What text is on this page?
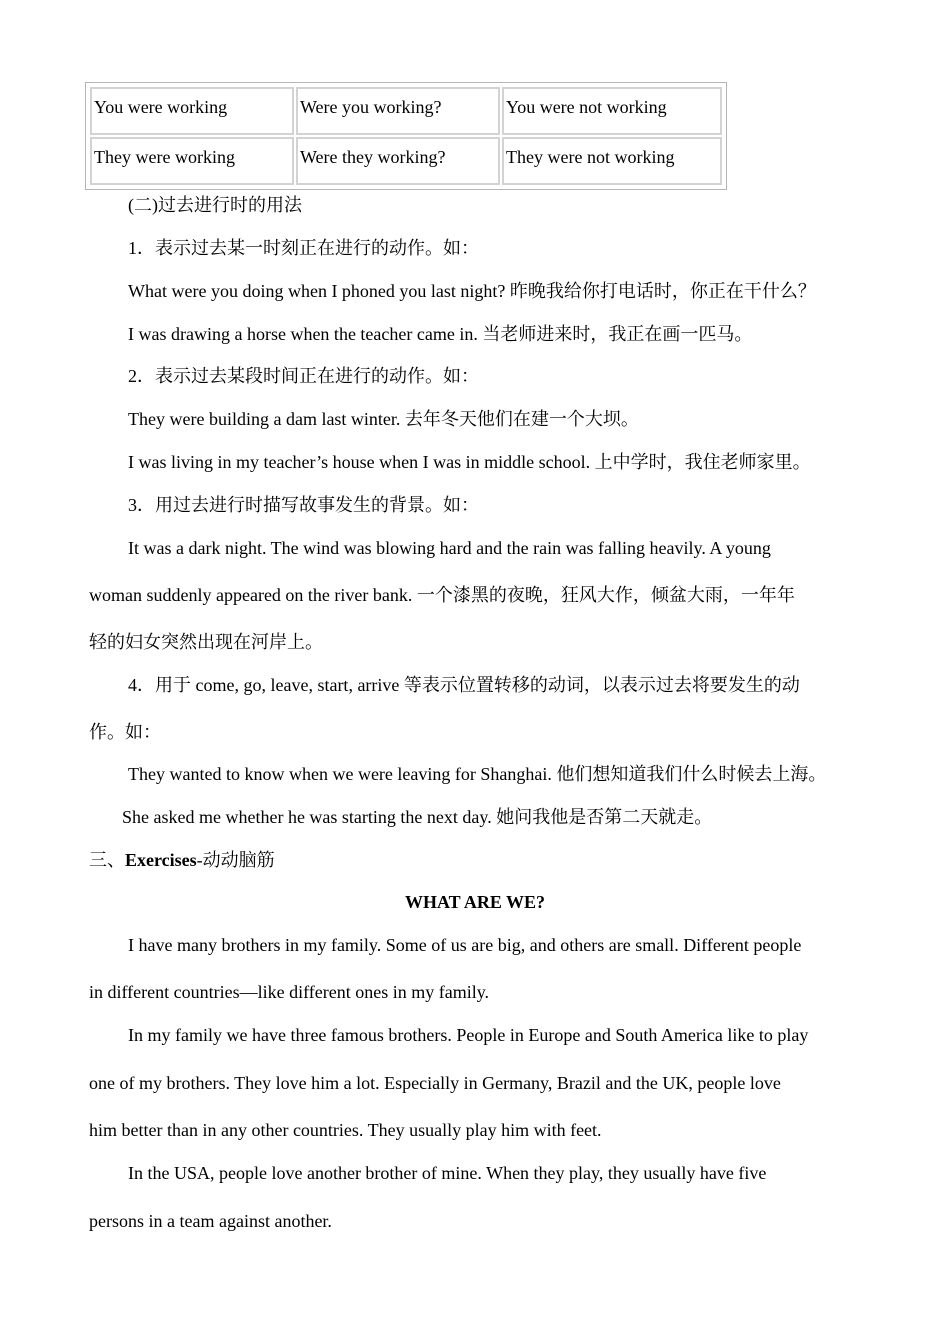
You were working	Were you working?	You were not working
They were working	Were they working?	They were not working
(二)过去进行时的用法
1．表示过去某一时刻正在进行的动作。如：
What were you doing when I phoned you last night? 昨晚我给你打电话时，你正在干什么？
I was drawing a horse when the teacher came in. 当老师进来时，我正在画一匹马。
2．表示过去某段时间正在进行的动作。如：
They were building a dam last winter. 去年冬天他们在建一个大坝。
I was living in my teacher’s house when I was in middle school. 上中学时，我住老师家里。
3．用过去进行时描写故事发生的背景。如：
It was a dark night. The wind was blowing hard and the rain was falling heavily. A young
woman suddenly appeared on the river bank. 一个漆黑的夜晚，狂风大作，倾盆大雨，一年年
轻的妇女突然出现在河岸上。
4．用于 come, go, leave, start, arrive 等表示位置转移的动词，以表示过去将要发生的动
作。如：
They wanted to know when we were leaving for Shanghai. 他们想知道我们什么时候去上海。
She asked me whether he was starting the next day. 她问我他是否第二天就走。
三、Exercises-动动脑筋
WHAT ARE WE?
I have many brothers in my family. Some of us are big, and others are small. Different people
in different countries—like different ones in my family.
In my family we have three famous brothers. People in Europe and South America like to play
one of my brothers. They love him a lot. Especially in Germany, Brazil and the UK, people love
him better than in any other countries. They usually play him with feet.
In the USA, people love another brother of mine. When they play, they usually have five
persons in a team against another.
